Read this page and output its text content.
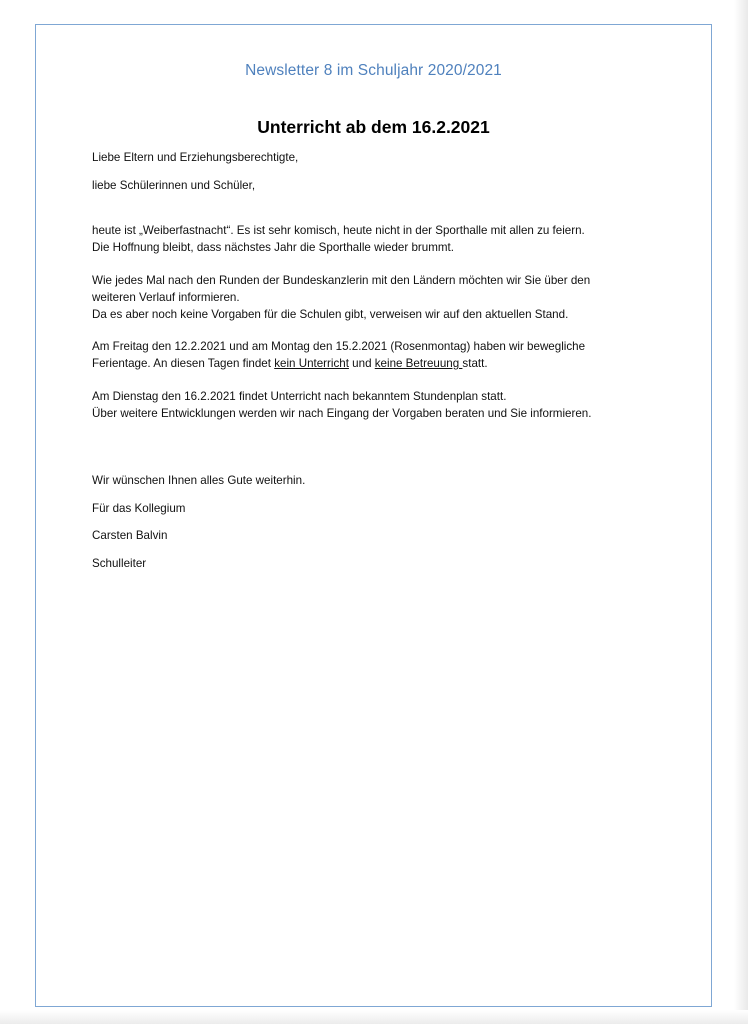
Newsletter 8 im Schuljahr 2020/2021
Unterricht ab dem 16.2.2021
Liebe Eltern und Erziehungsberechtigte,
liebe Schülerinnen und Schüler,
heute ist „Weiberfastnacht“. Es ist sehr komisch, heute nicht in der Sporthalle mit allen zu feiern.
Die Hoffnung bleibt, dass nächstes Jahr die Sporthalle wieder brummt.
Wie jedes Mal nach den Runden der Bundeskanzlerin mit den Ländern möchten wir Sie über den
weiteren Verlauf informieren.
Da es aber noch keine Vorgaben für die Schulen gibt, verweisen wir auf den aktuellen Stand.
Am Freitag den 12.2.2021 und am Montag den 15.2.2021 (Rosenmontag) haben wir bewegliche
Ferientage. An diesen Tagen findet kein Unterricht und keine Betreuung statt.
Am Dienstag den 16.2.2021 findet Unterricht nach bekanntem Stundenplan statt.
Über weitere Entwicklungen werden wir nach Eingang der Vorgaben beraten und Sie informieren.
Wir wünschen Ihnen alles Gute weiterhin.
Für das Kollegium
Carsten Balvin
Schulleiter
